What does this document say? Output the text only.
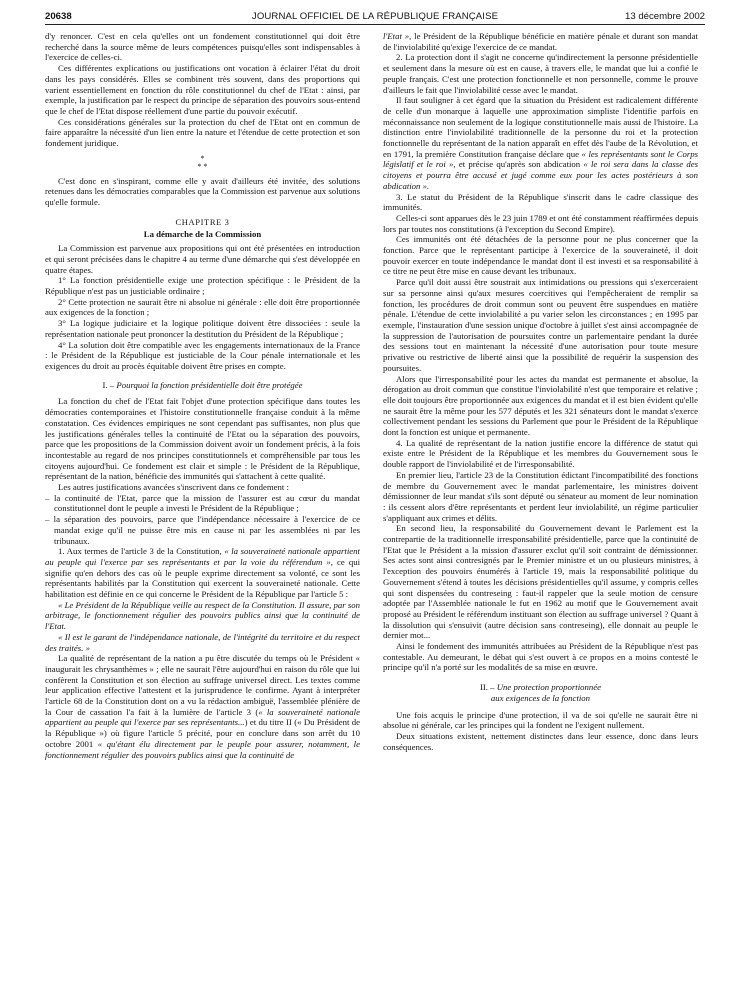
20638	JOURNAL OFFICIEL DE LA RÉPUBLIQUE FRANÇAISE	13 décembre 2002

d'y renoncer. C'est en cela qu'elles ont un fondement constitutionnel qui doit être recherché dans la source même de leurs compétences puisqu'elles sont indispensables à l'exercice de celles-ci.

Ces différentes explications ou justifications ont vocation à éclairer l'état du droit dans les pays considérés. Elles se combinent très souvent, dans des proportions qui varient essentiellement en fonction du rôle constitutionnel du chef de l'Etat : ainsi, par exemple, la justification par le respect du principe de séparation des pouvoirs sous-entend que le chef de l'Etat dispose réellement d'une partie du pouvoir exécutif.

Ces considérations générales sur la protection du chef de l'Etat ont en commun de faire apparaître la nécessité d'un lien entre la nature et l'étendue de cette protection et son fondement juridique.

*
* *

C'est donc en s'inspirant, comme elle y avait d'ailleurs été invitée, des solutions retenues dans les démocraties comparables que la Commission est parvenue aux solutions qu'elle formule.

CHAPITRE 3
La démarche de la Commission

La Commission est parvenue aux propositions qui ont été présentées en introduction et qui seront précisées dans le chapitre 4 au terme d'une démarche qui s'est développée en quatre étapes.

1° La fonction présidentielle exige une protection spécifique : le Président de la République n'est pas un justiciable ordinaire ;

2° Cette protection ne saurait être ni absolue ni générale : elle doit être proportionnée aux exigences de la fonction ;

3° La logique judiciaire et la logique politique doivent être dissociées : seule la représentation nationale peut prononcer la destitution du Président de la République ;

4° La solution doit être compatible avec les engagements internationaux de la France : le Président de la République est justiciable de la Cour pénale internationale et les exigences du droit au procès équitable doivent être prises en compte.

I. – Pourquoi la fonction présidentielle doit être protégée

La fonction du chef de l'Etat fait l'objet d'une protection spécifique dans toutes les démocraties contemporaines et l'histoire constitutionnelle française conduit à la même constatation. Ces évidences empiriques ne sont cependant pas suffisantes, non plus que les justifications générales telles la continuité de l'Etat ou la séparation des pouvoirs, parce que les propositions de la Commission doivent avoir un fondement précis, à la fois incontestable au regard de nos principes constitutionnels et compréhensible par tous les citoyens aujourd'hui. Ce fondement est clair et simple : le Président de la République, représentant de la nation, bénéficie des immunités qui s'attachent à cette qualité.

Les autres justifications avancées s'inscrivent dans ce fondement :

– la continuité de l'Etat, parce que la mission de l'assurer est au cœur du mandat constitutionnel dont le peuple a investi le Président de la République ;

– la séparation des pouvoirs, parce que l'indépendance nécessaire à l'exercice de ce mandat exige qu'il ne puisse être mis en cause ni par les assemblées ni par les tribunaux.

1. Aux termes de l'article 3 de la Constitution, « la souveraineté nationale appartient au peuple qui l'exerce par ses représentants et par la voie du référendum », ce qui signifie qu'en dehors des cas où le peuple exprime directement sa volonté, ce sont les représentants habilités par la Constitution qui exercent la souveraineté nationale. Cette habilitation est définie en ce qui concerne le Président de la République par l'article 5 :

« Le Président de la République veille au respect de la Constitution. Il assure, par son arbitrage, le fonctionnement régulier des pouvoirs publics ainsi que la continuité de l'Etat.

« Il est le garant de l'indépendance nationale, de l'intégrité du territoire et du respect des traités. »

La qualité de représentant de la nation a pu être discutée du temps où le Président « inaugurait les chrysanthèmes » ; elle ne saurait l'être aujourd'hui en raison du rôle que lui confèrent la Constitution et son élection au suffrage universel direct. Les textes comme leur application effective l'attestent et la jurisprudence le confirme. Ayant à interpréter l'article 68 de la Constitution dont on a vu la rédaction ambiguë, l'assemblée plénière de la Cour de cassation l'a fait à la lumière de l'article 3 (« la souveraineté nationale appartient au peuple qui l'exerce par ses représentants...) et du titre II (« Du Président de la République ») où figure l'article 5 précité, pour en conclure dans son arrêt du 10 octobre 2001 « qu'étant élu directement par le peuple pour assurer, notamment, le fonctionnement régulier des pouvoirs publics ainsi que la continuité de

l'Etat », le Président de la République bénéficie en matière pénale et durant son mandat de l'inviolabilité qu'exige l'exercice de ce mandat.

2. La protection dont il s'agit ne concerne qu'indirectement la personne présidentielle et seulement dans la mesure où est en cause, à travers elle, le mandat que lui a confié le peuple français. C'est une protection fonctionnelle et non personnelle, comme le prouve d'ailleurs le fait que l'inviolabilité cesse avec le mandat.

Il faut souligner à cet égard que la situation du Président est radicalement différente de celle d'un monarque à laquelle une approximation simpliste l'identifie parfois en méconnaissance non seulement de la logique constitutionnelle mais aussi de l'histoire. La distinction entre l'inviolabilité traditionnelle de la personne du roi et la protection fonctionnelle du représentant de la nation apparaît en effet dès l'aube de la Révolution, et en 1791, la première Constitution française déclare que « les représentants sont le Corps législatif et le roi », et précise qu'après son abdication « le roi sera dans la classe des citoyens et pourra être accusé et jugé comme eux pour les actes postérieurs à son abdication ».

3. Le statut du Président de la République s'inscrit dans le cadre classique des immunités.

Celles-ci sont apparues dès le 23 juin 1789 et ont été constamment réaffirmées depuis lors par toutes nos constitutions (à l'exception du Second Empire).

Ces immunités ont été détachées de la personne pour ne plus concerner que la fonction. Parce que le représentant participe à l'exercice de la souveraineté, il doit pouvoir exercer en toute indépendance le mandat dont il est investi et sa responsabilité à ce titre ne peut être mise en cause devant les tribunaux.

Parce qu'il doit aussi être soustrait aux intimidations ou pressions qui s'exerceraient sur sa personne ainsi qu'aux mesures coercitives qui l'empêcheraient de remplir sa fonction, les procédures de droit commun sont ou peuvent être suspendues en matière pénale. L'étendue de cette inviolabilité a pu varier selon les circonstances ; en 1995 par exemple, l'instauration d'une session unique d'octobre à juillet s'est ainsi accompagnée de la suppression de l'autorisation de poursuites contre un parlementaire pendant la durée des sessions tout en maintenant la nécessité d'une autorisation pour toute mesure privative ou restrictive de liberté ainsi que la possibilité de requérir la suspension des poursuites.

Alors que l'irresponsabilité pour les actes du mandat est permanente et absolue, la dérogation au droit commun que constitue l'inviolabilité n'est que temporaire et relative ; elle doit toujours être proportionnée aux exigences du mandat et il est bien évident qu'elle ne saurait être la même pour les 577 députés et les 321 sénateurs dont le mandat s'exerce collectivement pendant les sessions du Parlement que pour le Président de la République dont la fonction est unique et permanente.

4. La qualité de représentant de la nation justifie encore la différence de statut qui existe entre le Président de la République et les membres du Gouvernement sous le double rapport de l'inviolabilité et de l'irresponsabilité.

En premier lieu, l'article 23 de la Constitution édictant l'incompatibilité des fonctions de membre du Gouvernement avec le mandat parlementaire, les ministres doivent démissionner de leur mandat s'ils sont député ou sénateur au moment de leur nomination : ils cessent alors d'être représentants et perdent leur inviolabilité, un régime particulier s'appliquant aux crimes et délits.

En second lieu, la responsabilité du Gouvernement devant le Parlement est la contrepartie de la traditionnelle irresponsabilité présidentielle, parce que la continuité de l'Etat que le Président a la mission d'assurer exclut qu'il soit contraint de démissionner. Ses actes sont ainsi contresignés par le Premier ministre et un ou plusieurs ministres, à l'exception des pouvoirs énumérés à l'article 19, mais la responsabilité politique du Gouvernement s'étend à toutes les décisions présidentielles qu'il assume, y compris celles qui sont dispensées du contreseing : faut-il rappeler que la seule motion de censure adoptée par l'Assemblée nationale le fut en 1962 au motif que le Gouvernement avait proposé au Président le référendum instituant son élection au suffrage universel ? Quant à la dissolution qui s'ensuivit (autre décision sans contreseing), elle donnait au peuple le dernier mot...

Ainsi le fondement des immunités attribuées au Président de la République n'est pas contestable. Au demeurant, le débat qui s'est ouvert à ce propos en a moins contesté le principe qu'il n'a porté sur les modalités de sa mise en œuvre.

II. – Une protection proportionnée
aux exigences de la fonction

Une fois acquis le principe d'une protection, il va de soi qu'elle ne saurait être ni absolue ni générale, car les principes qui la fondent ne l'exigent nullement.

Deux situations existent, nettement distinctes dans leur essence, donc dans leurs conséquences.
